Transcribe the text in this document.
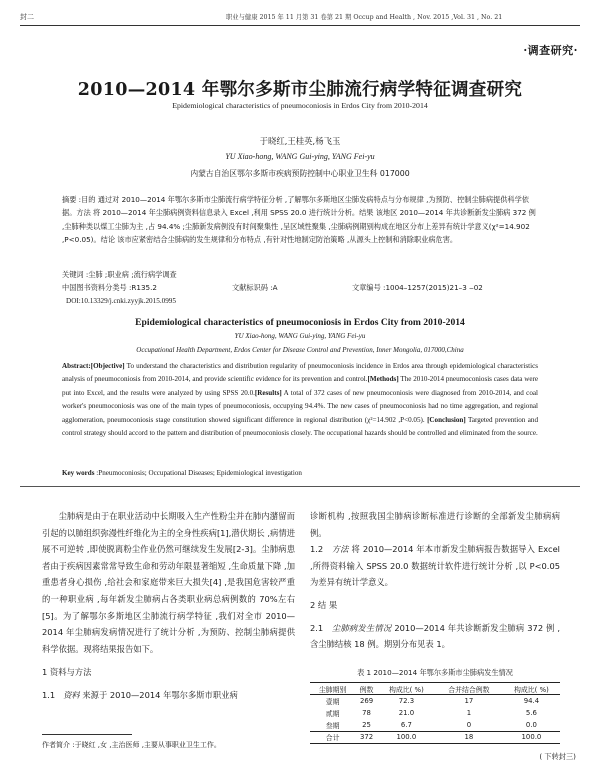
封二	职业与健康 2015 年 11 月第 31 卷第 21 期 Occup and Health , Nov. 2015 ,Vol. 31 , No. 21
·调查研究·
2010—2014 年鄂尔多斯市尘肺流行病学特征调查研究
Epidemiological characteristics of pneumoconiosis in Erdos City from 2010-2014
于晓红,王桂英,杨飞玉
YU Xiao-hong, WANG Gui-ying, YANG Fei-yu
内蒙古自治区鄂尔多斯市疾病预防控制中心职业卫生科 017000
摘要 :目的 通过对 2010—2014 年鄂尔多斯市尘肺流行病学特征分析 ,了解鄂尔多斯地区尘肺发病特点与分布规律 ,为预防、控制尘肺病提供科学依据。方法 将 2010—2014 年尘肺病例资料信息录入 Excel ,利用 SPSS 20.0 进行统计分析。结果 该地区 2010—2014 年共诊断新发尘肺病 372 例 ,尘肺种类以煤工尘肺为主 ,占 94.4% ;尘肺新发病例没有时间聚集性 ,呈区域性聚集 ,尘肺病例期别构成在地区分布上差异有统计学意义(χ²=14.902 ,P<0.05)。结论 该市应紧密结合尘肺病的发生规律和分布特点 ,有针对性地制定防治策略 ,从源头上控制和消除职业病危害。
关键词 :尘肺 ;职业病 ;流行病学调查
中国图书资料分类号 :R135.2	文献标识码 :A	文章编号 :1004–1257(2015)21–3 ‒02
DOI:10.13329/j.cnki.zyyjk.2015.0995
Epidemiological characteristics of pneumoconiosis in Erdos City from 2010-2014
YU Xiao-hong, WANG Gui-ying, YANG Fei-yu
Occupational Health Department, Erdos Center for Disease Control and Prevention, Inner Mongolia, 017000,China
Abstract:[Objective] To understand the characteristics and distribution regularity of pneumoconiosis incidence in Erdos area through epidemiological characteristics analysis of pneumoconiosis from 2010-2014, and provide scientific evidence for its prevention and control.[Methods] The 2010-2014 pneumoconiosis cases data were put into Excel, and the results were analyzed by using SPSS 20.0.[Results] A total of 372 cases of new pneumoconiosis were diagnosed from 2010-2014, and coal worker's pneumoconiosis was one of the main types of pneumoconiosis, occupying 94.4%. The new cases of pneumoconiosis had no time aggregation, and regional agglomeration, pneumoconiosis stage constitution showed significant difference in regional distribution (χ²=14.902 ,P<0.05). [Conclusion] Targeted prevention and control strategy should accord to the pattern and distribution of pneumoconiosis closely. The occupational hazards should be controlled and eliminated from the source.
Key words :Pneumoconiosis; Occupational Diseases; Epidemiological investigation

尘肺病是由于在职业活动中长期吸入生产性粉尘并在肺内潴留而引起的以肺组织弥漫性纤维化为主的全身性疾病[1],潜伏期长 ,病情进展不可逆转 ,即使脱离粉尘作业仍然可继续发生发展[2‑3]。尘肺病患者由于疾病因素常常导致生命和劳动年限显著缩短 ,生命质量下降 ,加重患者身心损伤 ,给社会和家庭带来巨大损失[4] ,是我国危害较严重的一种职业病 ,每年新发尘肺病占各类职业病总病例数的 70%左右[5]。为了解鄂尔多斯地区尘肺流行病学特征 ,我们对全市 2010—2014 年尘肺病发病情况进行了统计分析 ,为预防、控制尘肺病提供科学依据。现将结果报告如下。

1 资料与方法

1.1 资料 来源于 2010—2014 年鄂尔多斯市职业病

诊断机构 ,按照我国尘肺病诊断标准进行诊断的全部新发尘肺病病例。

1.2 方法 将 2010—2014 年本市新发尘肺病报告数据导入 Excel ,所得资料输入 SPSS 20.0 数据统计软件进行统计分析 ,以 P<0.05 为差异有统计学意义。

2 结 果

2.1 尘肺病发生情况 2010—2014 年共诊断新发尘肺病 372 例 ,含尘肺结核 18 例。期别分布见表 1。

表 1 2010—2014 年鄂尔多斯市尘肺病发生情况
尘肺期别	例数	构成比( %)	合并结合例数	构成比( %)
壹期	269	72.3	17	94.4
贰期	78	21.0	1	5.6
叁期	25	6.7	0	0.0
合计	372	100.0	18	100.0
作者简介 :于晓红 ,女 ,主治医师 ,主要从事职业卫生工作。
( 下转封三)
